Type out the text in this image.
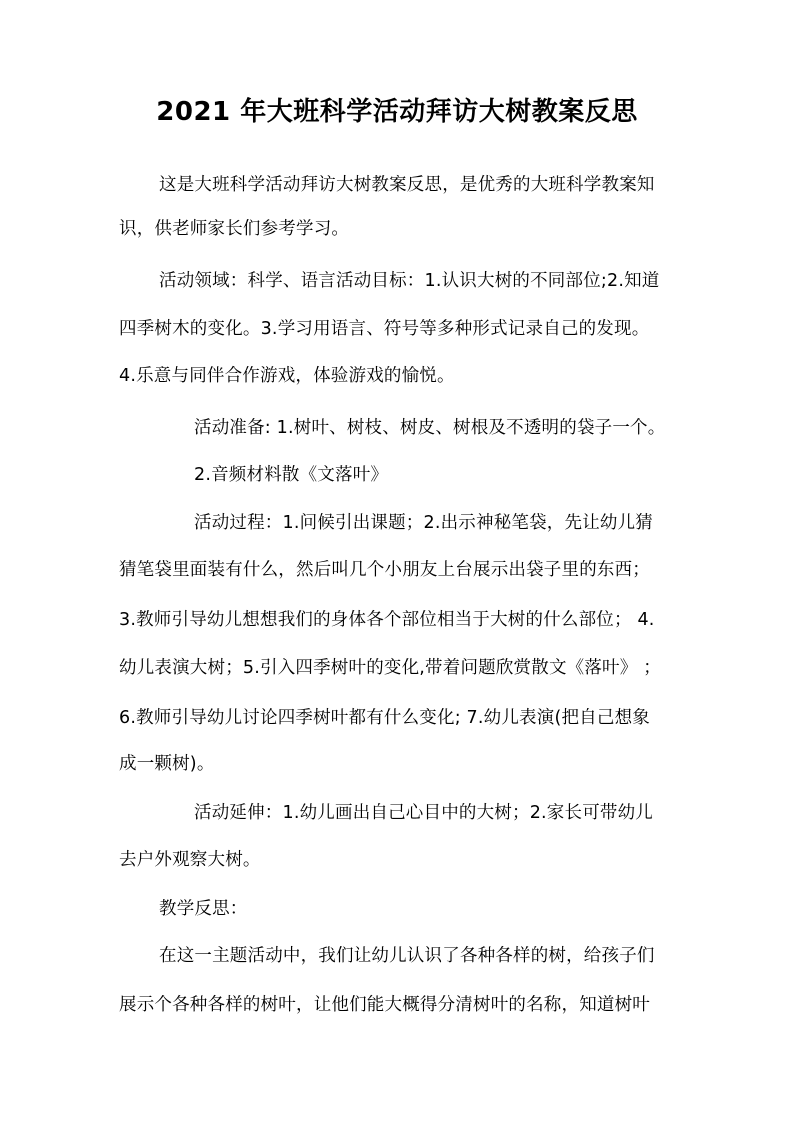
2021 年大班科学活动拜访大树教案反思
这是大班科学活动拜访大树教案反思，是优秀的大班科学教案知
识，供老师家长们参考学习。
活动领域：科学、语言活动目标：1.认识大树的不同部位;2.知道
四季树木的变化。3.学习用语言、符号等多种形式记录自己的发现。
4.乐意与同伴合作游戏，体验游戏的愉悦。
活动准备: 1.树叶、树枝、树皮、树根及不透明的袋子一个。
2.音频材料散《文落叶》
活动过程：1.问候引出课题；2.出示神秘笔袋，先让幼儿猜
猜笔袋里面装有什么，然后叫几个小朋友上台展示出袋子里的东西；
3.教师引导幼儿想想我们的身体各个部位相当于大树的什么部位； 4.
幼儿表演大树；5.引入四季树叶的变化,带着问题欣赏散文《落叶》 ；
6.教师引导幼儿讨论四季树叶都有什么变化; 7.幼儿表演(把自己想象
成一颗树)。
活动延伸：1.幼儿画出自己心目中的大树；2.家长可带幼儿
去户外观察大树。
教学反思：
在这一主题活动中，我们让幼儿认识了各种各样的树，给孩子们
展示个各种各样的树叶，让他们能大概得分清树叶的名称，知道树叶
